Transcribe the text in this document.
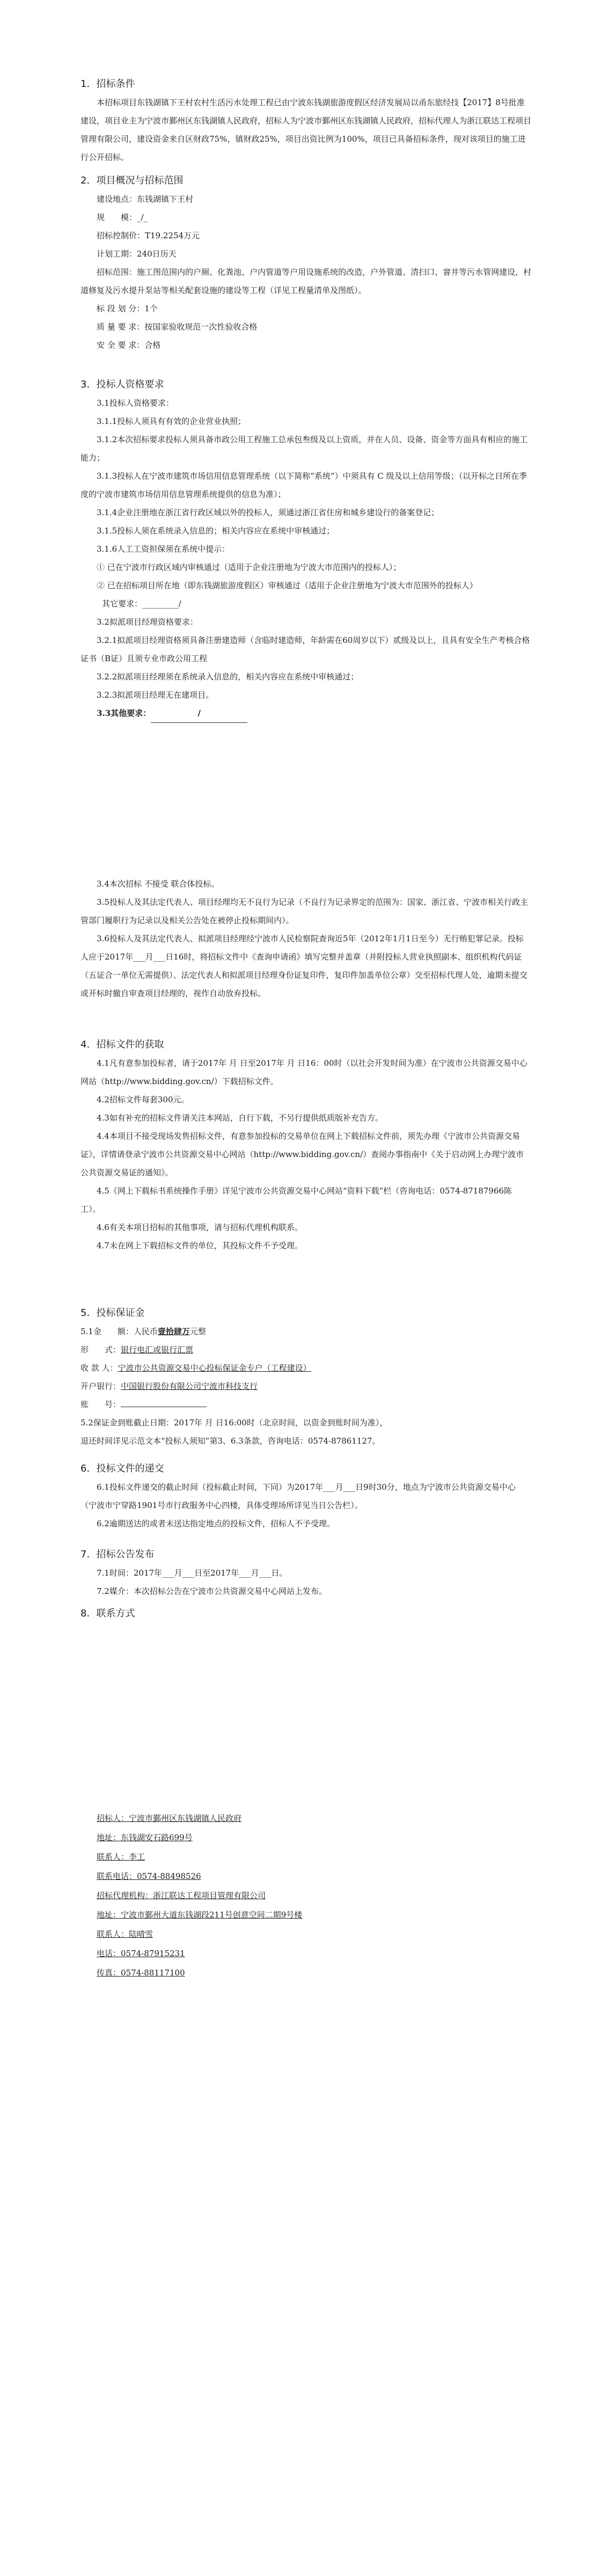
1．招标条件

本招标项目东钱湖镇下王村农村生活污水处理工程已由宁波东钱湖旅游度假区经济发展局以甬东旅经技【2017】8号批准建设，项目业主为宁波市鄞州区东钱湖镇人民政府，招标人为宁波市鄞州区东钱湖镇人民政府，招标代理人为浙江联达工程项目管理有限公司，建设资金来自区财政75%，镇财政25%，项目出资比例为100%，项目已具备招标条件，现对该项目的施工进行公开招标。

2．项目概况与招标范围

建设地点：东钱湖镇下王村

规　　模：_/_

招标控制价：T19.2254万元

计划工期：240日历天

招标范围：施工图范围内的户厕、化粪池、户内管道等户用设施系统的改造，户外管道、清扫口、窨井等污水管网建设，村道修复及污水提升泵站等相关配套设施的建设等工程（详见工程量清单及图纸）。

标 段 划 分：1个

质 量 要 求：按国家验收规范一次性验收合格

安 全 要 求：合格

3．投标人资格要求

3.1投标人资格要求：

3.1.1投标人须具有有效的企业营业执照；

3.1.2本次招标要求投标人须具备市政公用工程施工总承包叁级及以上资质，并在人员、设备、资金等方面具有相应的施工能力；

3.1.3投标人在宁波市建筑市场信用信息管理系统（以下简称“系统”）中须具有 C 级及以上信用等级；（以开标之日所在季度的宁波市建筑市场信用信息管理系统提供的信息为准）；

3.1.4企业注册地在浙江省行政区域以外的投标人，须通过浙江省住房和城乡建设行的备案登记；

3.1.5投标人须在系统录入信息的；相关内容应在系统中审核通过；

3.1.6人工工资担保须在系统中提示：

① 已在宁波市行政区域内审核通过（适用于企业注册地为宁波大市范围内的投标人）；

② 已在招标项目所在地（即东钱湖旅游度假区）审核通过（适用于企业注册地为宁波大市范围外的投标人）

其它要求：_________/

3.2拟派项目经理资格要求：

3.2.1拟派项目经理资格须具备注册建造师（含临时建造师，年龄需在60周岁以下）贰级及以上，且具有安全生产考核合格证书（B证）且须专业市政公用工程

3.2.2拟派项目经理须在系统录入信息的，相关内容应在系统中审核通过；

3.2.3拟派项目经理无在建项目。

3.3其他要求：	/

3.4本次招标 不接受 联合体投标。

3.5投标人及其法定代表人、项目经理均无不良行为记录（不良行为记录界定的范围为：国家、浙江省、宁波市相关行政主管部门履职行为记录以及相关公告处在被停止投标期间内）。

3.6投标人及其法定代表人、拟派项目经理经宁波市人民检察院查询近5年（2012年1月1日至今）无行贿犯罪记录。投标人应于2017年___月___日16时，将招标文件中《查询申请函》填写完整并盖章（并附投标人营业执照副本、组织机构代码证（五证合一单位无需提供）、法定代表人和拟派项目经理身份证复印件，复印件加盖单位公章）交至招标代理人处，逾期未提交或开标时撤自审查项目经理的，视作自动放弃投标。

4．招标文件的获取

4.1凡有意参加投标者，请于2017年 月 日至2017年 月 日16：00时（以社会开发时间为准）在宁波市公共资源交易中心网站（http://www.bidding.gov.cn/）下载招标文件。

4.2招标文件每套300元。

4.3如有补充的招标文件请关注本网站，自行下载，不另行提供纸质版补充告方。

4.4本项目不接受现场发售招标文件，有意参加投标的交易单位在网上下载招标文件前，须先办理《宁波市公共资源交易证》，详情请登录宁波市公共资源交易中心网站（http://www.bidding.gov.cn/）查阅办事指南中《关于启动网上办理宁波市公共资源交易证的通知》。

4.5《网上下载标书系统操作手册》详见宁波市公共资源交易中心网站“资料下载”栏（咨询电话：0574-87187966陈工）。

4.6有关本项目招标的其他事项，请与招标代理机构联系。

4.7未在网上下载招标文件的单位，其投标文件不予受理。

5．投标保证金

5.1金　　额：人民币壹拾肆万元整

形　　式：银行电汇或银行汇票

收 款 人：宁波市公共资源交易中心投标保证金专户（工程建设）

开户银行：中国银行股份有限公司宁波市科技支行

账　　号：

5.2保证金到账截止日期：2017年 月 日16:00时（北京时间，以资金到账时间为准），

退还时间详见示范文本“投标人须知”第3、6.3条款，咨询电话：0574-87861127。

6．投标文件的递交

6.1投标文件递交的截止时间（投标截止时间，下同）为2017年___月___日9时30分，地点为宁波市公共资源交易中心（宁波市宁穿路1901号市行政服务中心四楼，具体受理场所详见当日公告栏）。

6.2逾期送达的或者未送达指定地点的投标文件，招标人不予受理。

7．招标公告发布

7.1时间：2017年___月___日至2017年___月___日。

7.2媒介：本次招标公告在宁波市公共资源交易中心网站上发布。

8．联系方式

招标人：宁波市鄞州区东钱湖镇人民政府

地址：东钱湖安石路699号

联系人：李工

联系电话：0574-88498526

招标代理机构：浙江联达工程项目管理有限公司

地址：宁波市鄞州大道东钱湖段211号创意空间二期9号楼

联系人：陆晴雪

电话：0574-87915231

传真：0574-88117100
